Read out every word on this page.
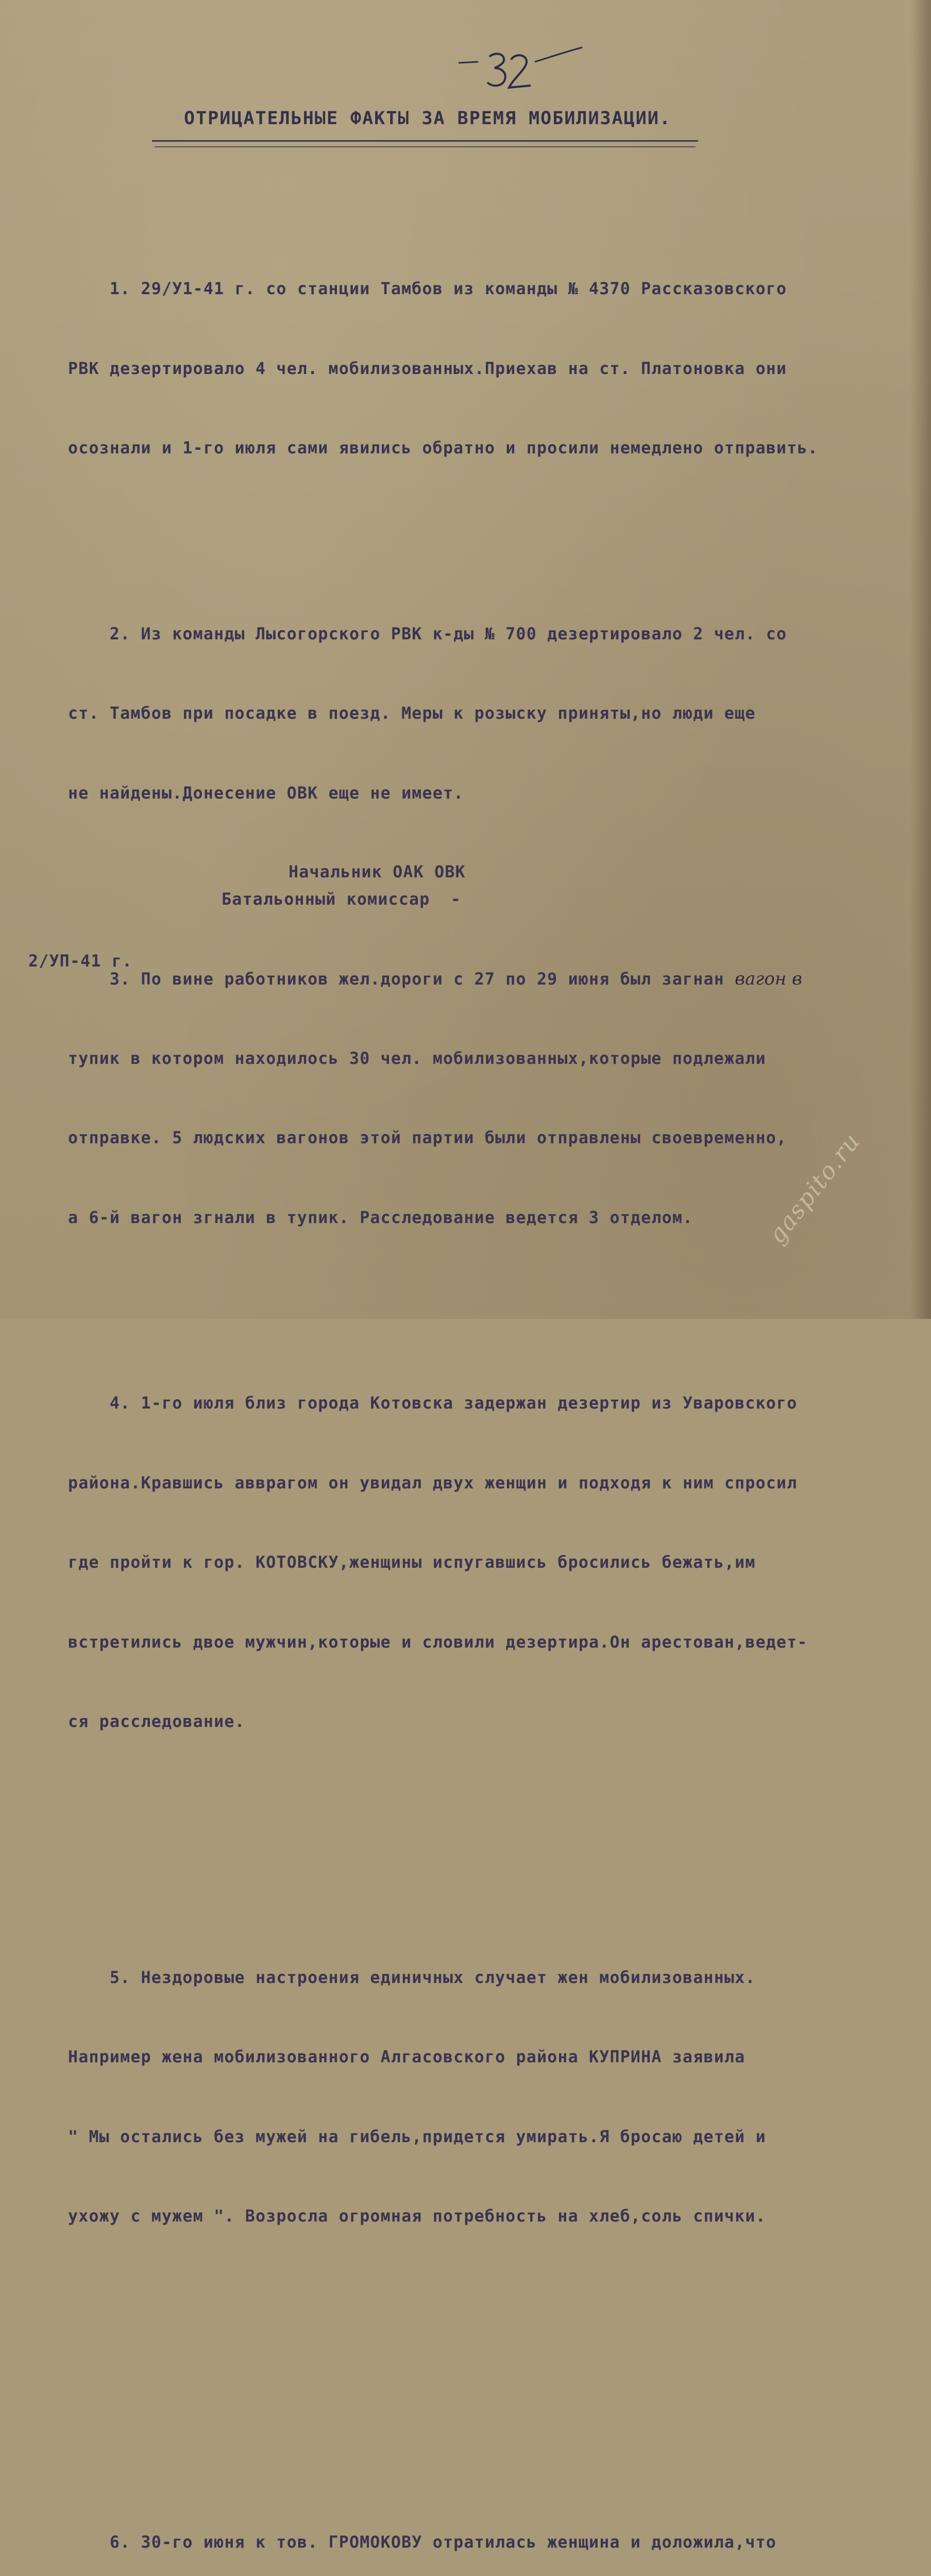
ОТРИЦАТЕЛЬНЫЕ ФАКТЫ ЗА ВРЕМЯ МОБИЛИЗАЦИИ.

1. 29/У1-41 г. со станции Тамбов из команды № 4370 Рассказовского

РВК дезертировало 4 чел. мобилизованных.Приехав на ст. Платоновка они

осознали и 1-го июля сами явились обратно и просили немедлено отправить.

2. Из команды Лысогорского РВК к-ды № 700 дезертировало 2 чел. со

ст. Тамбов при посадке в поезд. Меры к розыску приняты,но люди еще

не найдены.Донесение ОВК еще не имеет.

3. По вине работников жел.дороги с 27 по 29 июня был загнан вагон в

тупик в котором находилось 30 чел. мобилизованных,которые подлежали

отправке. 5 людских вагонов этой партии были отправлены своевременно,

а 6-й вагон згнали в тупик. Расследование ведется 3 отделом.

4. 1-го июля близ города Котовска задержан дезертир из Уваровского

района.Кравшись авврагом он увидал двух женщин и подходя к ним спросил

где пройти к гор. КОТОВСКУ,женщины испугавшись бросились бежать,им

встретились двое мужчин,которые и словили дезертира.Он арестован,ведет-

ся расследование.

5. Нездоровые настроения единичных случает жен мобилизованных.

Например жена мобилизованного Алгасовского района КУПРИНА заявила

" Мы остались без мужей на гибель,придется умирать.Я бросаю детей и

ухожу с мужем ". Возросла огромная потребность на хлеб,соль спички.

6. 30-го июня к тов. ГРОМОКОВУ отратилась женщина и доложила,что

Начальник ОАК ОВК
Батальонный комиссар  -
2/УП-41 г.
gaspito.ru
